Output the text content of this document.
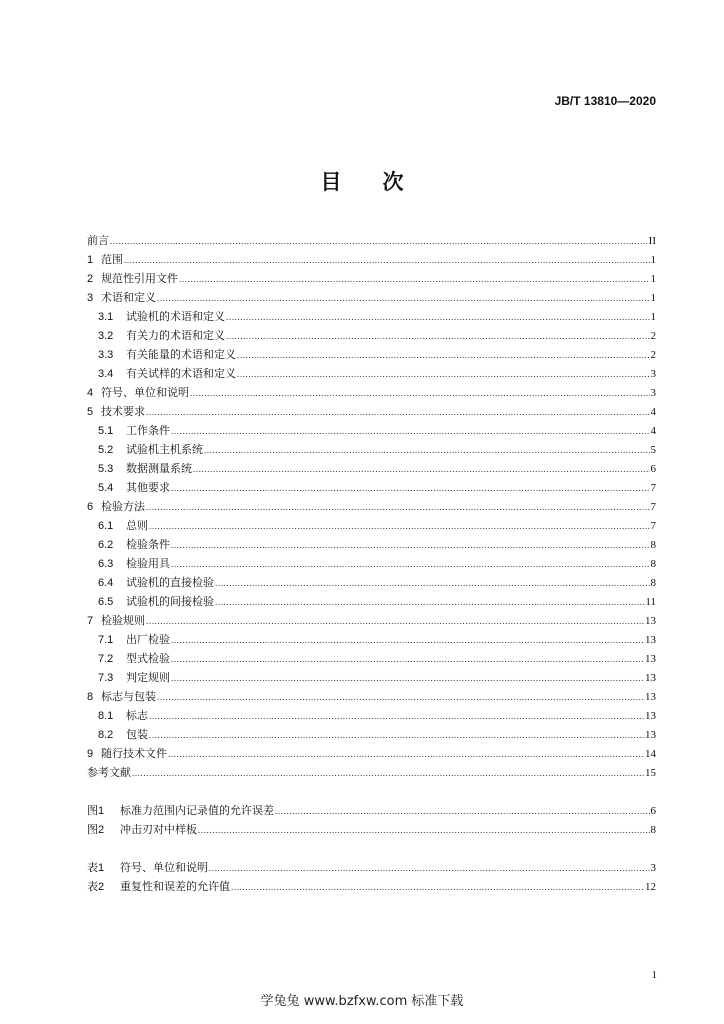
JB/T 13810—2020
目　次
前言 .....	II
1 范围 .....	1
2 规范性引用文件 .....	1
3 术语和定义 .....	1
3.1	试验机的术语和定义 .....	1
3.2	有关力的术语和定义 .....	2
3.3	有关能量的术语和定义 .....	2
3.4	有关试样的术语和定义 .....	3
4 符号、单位和说明 .....	3
5 技术要求 .....	4
5.1	工作条件 .....	4
5.2	试验机主机系统 .....	5
5.3	数据测量系统 .....	6
5.4	其他要求 .....	7
6 检验方法 .....	7
6.1	总则 .....	7
6.2	检验条件 .....	8
6.3	检验用具 .....	8
6.4	试验机的直接检验 .....	8
6.5	试验机的间接检验 .....	11
7 检验规则 .....	13
7.1	出厂检验 .....	13
7.2	型式检验 .....	13
7.3	判定规则 .....	13
8 标志与包装 .....	13
8.1	标志 .....	13
8.2	包装 .....	13
9 随行技术文件 .....	14
参考文献 .....	15
图1	标准力范围内记录值的允许误差 .....	6
图2	冲击刃对中样板 .....	8
表1	符号、单位和说明 .....	3
表2	重复性和误差的允许值 .....	12
1
学兔兔 www.bzfxw.com 标准下载
